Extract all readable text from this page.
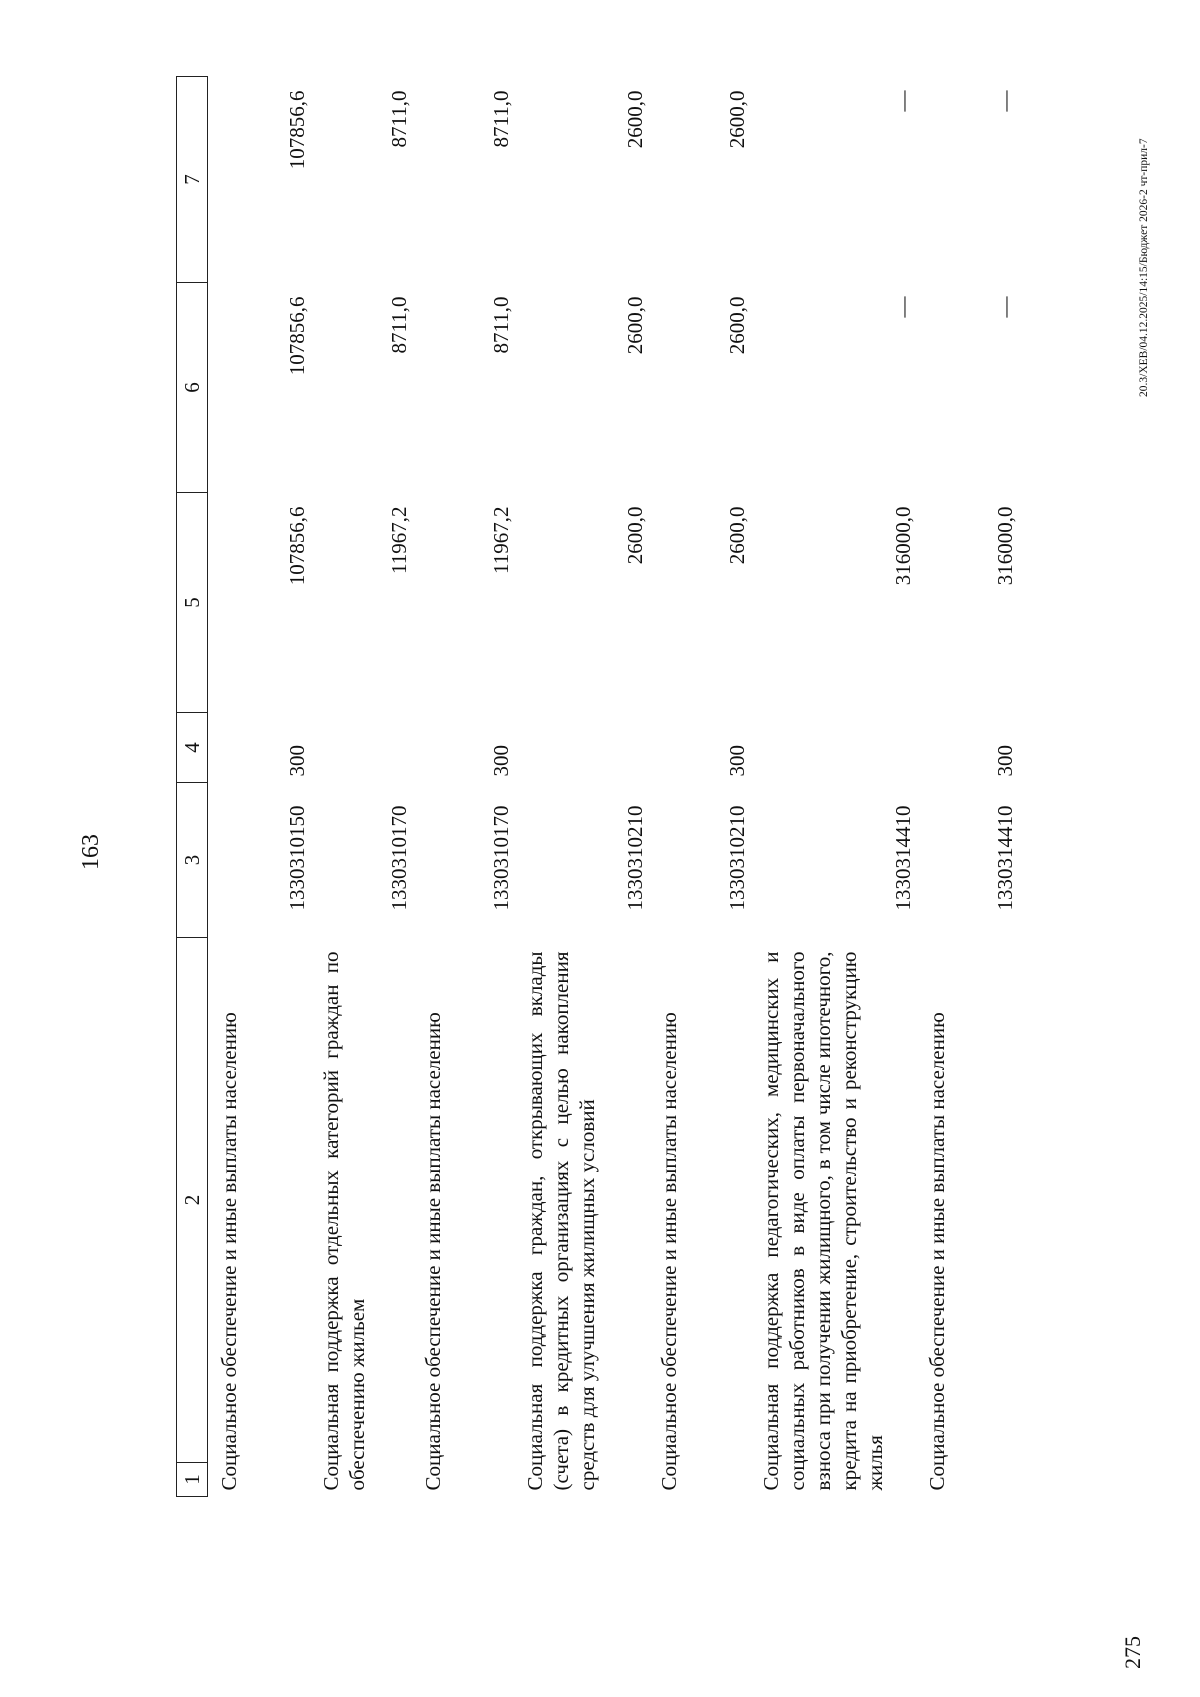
163
1	2	3	4	5	6	7
Социальное обеспечение и иные выплаты населению		1330310150	300	107856,6	107856,6	107856,6
Социальная поддержка отдельных категорий граждан по обеспечению жильем		1330310170		11967,2	8711,0	8711,0
Социальное обеспечение и иные выплаты населению		1330310170	300	11967,2	8711,0	8711,0
Социальная поддержка граждан, открывающих вклады (счета) в кредитных организациях с целью накопления средств для улучшения жилищных условий		1330310210		2600,0	2600,0	2600,0
Социальное обеспечение и иные выплаты населению		1330310210	300	2600,0	2600,0	2600,0
Социальная поддержка педагогических, медицинских и социальных работников в виде оплаты первоначального взноса при получении жилищного, в том числе ипотечного, кредита на приобретение, строительство и реконструкцию жилья		1330314410		316000,0	—	—
Социальное обеспечение и иные выплаты населению		1330314410	300	316000,0	—	—
275
20.3/ХЕВ/04.12.2025/14:15/Бюджет 2026-2 чт-прил-7
